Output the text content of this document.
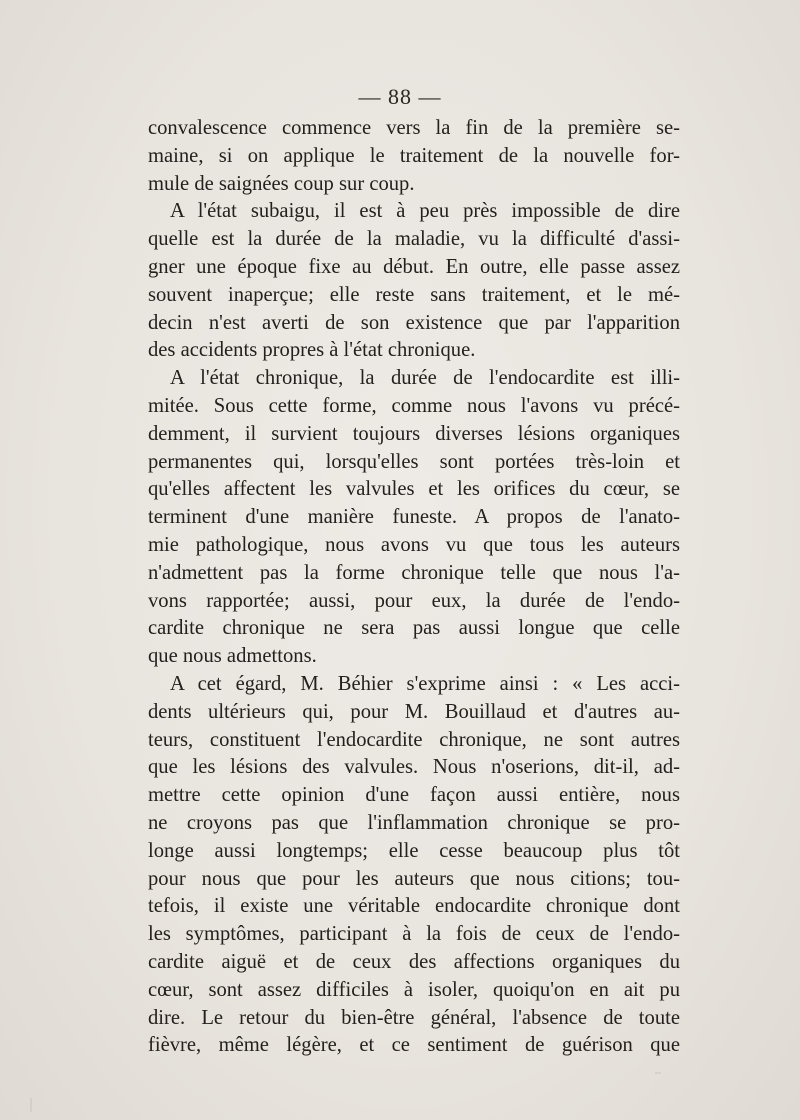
— 88 —
convalescence commence vers la fin de la première se-
maine, si on applique le traitement de la nouvelle for-
mule de saignées coup sur coup.
A l'état subaigu, il est à peu près impossible de dire
quelle est la durée de la maladie, vu la difficulté d'assi-
gner une époque fixe au début. En outre, elle passe assez
souvent inaperçue; elle reste sans traitement, et le mé-
decin n'est averti de son existence que par l'apparition
des accidents propres à l'état chronique.
A l'état chronique, la durée de l'endocardite est illi-
mitée. Sous cette forme, comme nous l'avons vu précé-
demment, il survient toujours diverses lésions organiques
permanentes qui, lorsqu'elles sont portées très-loin et
qu'elles affectent les valvules et les orifices du cœur, se
terminent d'une manière funeste. A propos de l'anato-
mie pathologique, nous avons vu que tous les auteurs
n'admettent pas la forme chronique telle que nous l'a-
vons rapportée; aussi, pour eux, la durée de l'endo-
cardite chronique ne sera pas aussi longue que celle
que nous admettons.
A cet égard, M. Béhier s'exprime ainsi : « Les acci-
dents ultérieurs qui, pour M. Bouillaud et d'autres au-
teurs, constituent l'endocardite chronique, ne sont autres
que les lésions des valvules. Nous n'oserions, dit-il, ad-
mettre cette opinion d'une façon aussi entière, nous
ne croyons pas que l'inflammation chronique se pro-
longe aussi longtemps; elle cesse beaucoup plus tôt
pour nous que pour les auteurs que nous citions; tou-
tefois, il existe une véritable endocardite chronique dont
les symptômes, participant à la fois de ceux de l'endo-
cardite aiguë et de ceux des affections organiques du
cœur, sont assez difficiles à isoler, quoiqu'on en ait pu
dire. Le retour du bien-être général, l'absence de toute
fièvre, même légère, et ce sentiment de guérison que
